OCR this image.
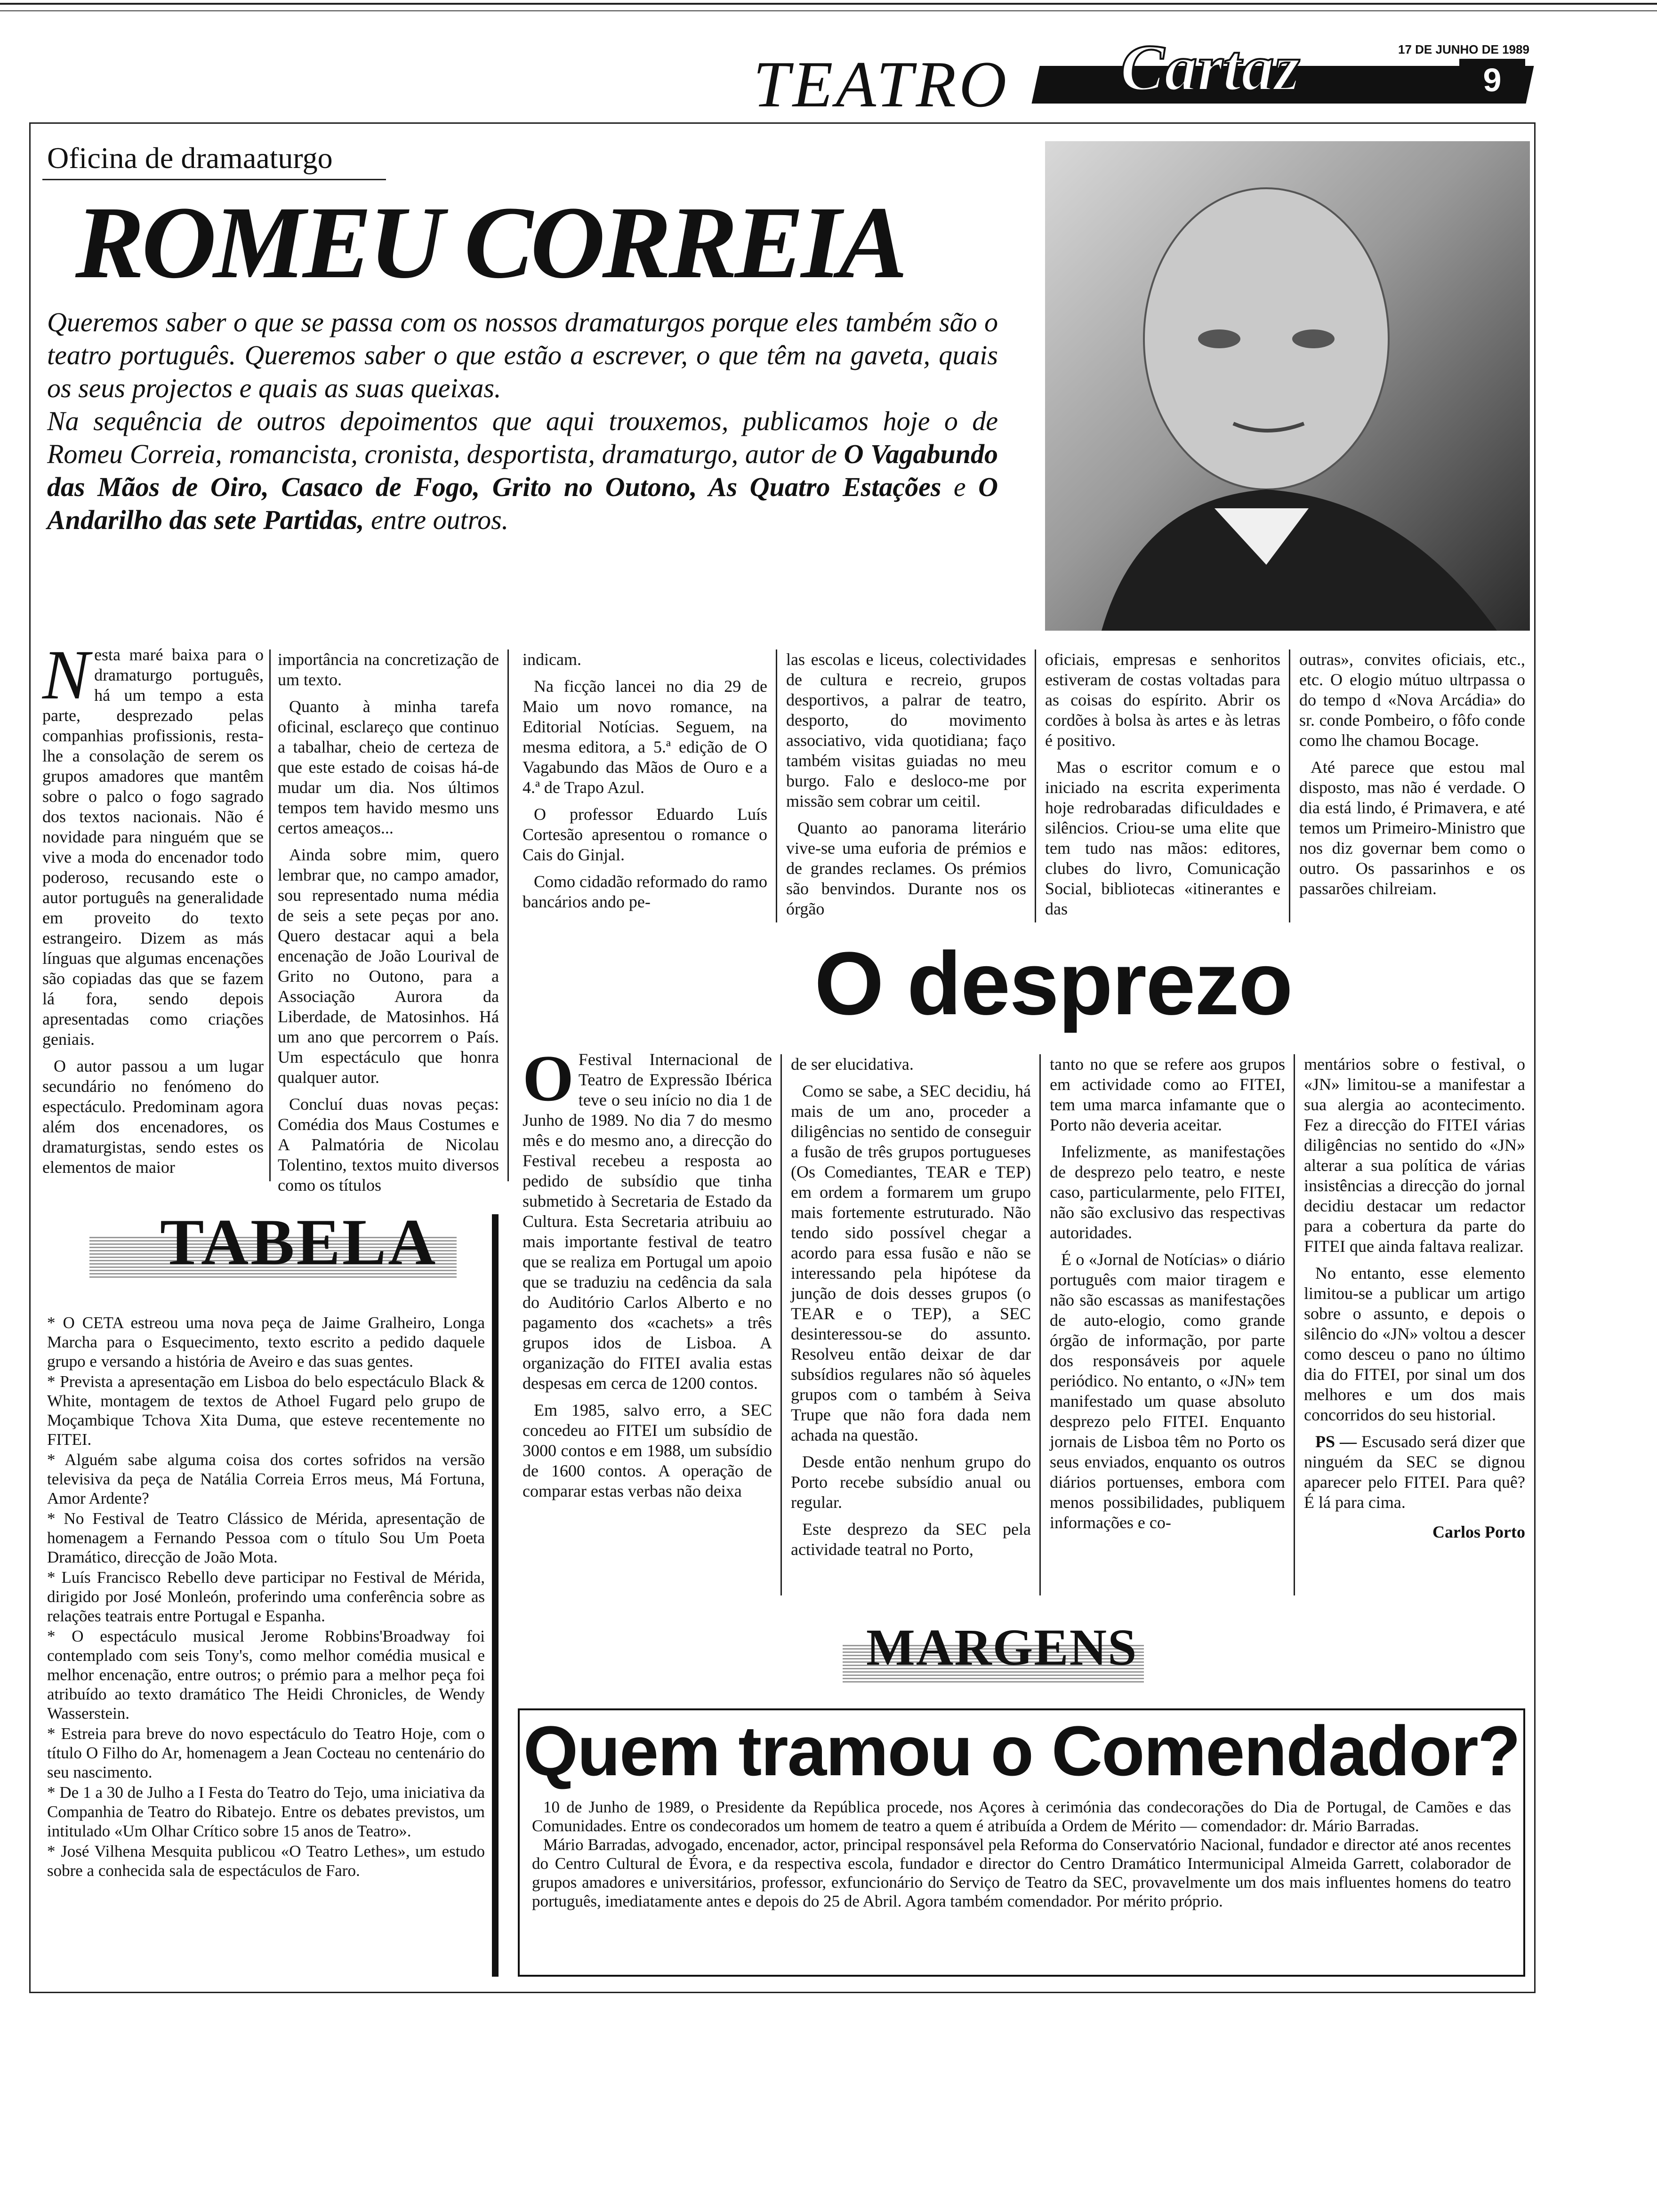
TEATRO Cartaz	17 DE JUNHO DE 1989
9
Oficina de dramaaturgo
ROMEU CORREIA
Queremos saber o que se passa com os nossos dramaturgos porque eles também são o teatro português. Queremos saber o que estão a escrever, o que têm na gaveta, quais os seus projectos e quais as suas queixas.
Na sequência de outros depoimentos que aqui trouxemos, publicamos hoje o de Romeu Correia, romancista, cronista, desportista, dramaturgo, autor de O Vagabundo das Mãos de Oiro, Casaco de Fogo, Grito no Outono, As Quatro Estações e O Andarilho das sete Partidas, entre outros.

Nesta maré baixa para o dramaturgo português, há um tempo a esta parte, desprezado pelas companhias profissionis, resta-lhe a consolação de serem os grupos amadores que mantêm sobre o palco o fogo sagrado dos textos nacionais. Não é novidade para ninguém que se vive a moda do encenador todo poderoso, recusando este o autor português na generalidade em proveito do texto estrangeiro. Dizem as más línguas que algumas encenações são copiadas das que se fazem lá fora, sendo depois apresentadas como criações geniais.

O autor passou a um lugar secundário no fenómeno do espectáculo. Predominam agora além dos encenadores, os dramaturgistas, sendo estes os elementos de maior

importância na concretização de um texto.

Quanto à minha tarefa oficinal, esclareço que continuo a tabalhar, cheio de certeza de que este estado de coisas há-de mudar um dia. Nos últimos tempos tem havido mesmo uns certos ameaços...

Ainda sobre mim, quero lembrar que, no campo amador, sou representado numa média de seis a sete peças por ano. Quero destacar aqui a bela encenação de João Lourival de Grito no Outono, para a Associação Aurora da Liberdade, de Matosinhos. Há um ano que percorrem o País. Um espectáculo que honra qualquer autor.

Concluí duas novas peças: Comédia dos Maus Costumes e A Palmatória de Nicolau Tolentino, textos muito diversos como os títulos

indicam.

Na ficção lancei no dia 29 de Maio um novo romance, na Editorial Notícias. Seguem, na mesma editora, a 5.ª edição de O Vagabundo das Mãos de Ouro e a 4.ª de Trapo Azul.

O professor Eduardo Luís Cortesão apresentou o romance o Cais do Ginjal.

Como cidadão reformado do ramo bancários ando pe-

las escolas e liceus, colectividades de cultura e recreio, grupos desportivos, a palrar de teatro, desporto, do movimento associativo, vida quotidiana; faço também visitas guiadas no meu burgo. Falo e desloco-me por missão sem cobrar um ceitil.

Quanto ao panorama literário vive-se uma euforia de prémios e de grandes reclames. Os prémios são benvindos. Durante nos os órgão

oficiais, empresas e senhoritos estiveram de costas voltadas para as coisas do espírito. Abrir os cordões à bolsa às artes e às letras é positivo.

Mas o escritor comum e o iniciado na escrita experimenta hoje redrobaradas dificuldades e silêncios. Criou-se uma elite que tem tudo nas mãos: editores, clubes do livro, Comunicação Social, bibliotecas «itinerantes e das

outras», convites oficiais, etc., etc. O elogio mútuo ultrpassa o do tempo d «Nova Arcádia» do sr. conde Pombeiro, o fôfo conde como lhe chamou Bocage.

Até parece que estou mal disposto, mas não é verdade. O dia está lindo, é Primavera, e até temos um Primeiro-Ministro que nos diz governar bem como o outro. Os passarinhos e os passarões chilreiam.

O desprezo

O Festival Internacional de Teatro de Expressão Ibérica teve o seu início no dia 1 de Junho de 1989. No dia 7 do mesmo mês e do mesmo ano, a direcção do Festival recebeu a resposta ao pedido de subsídio que tinha submetido à Secretaria de Estado da Cultura. Esta Secretaria atribuiu ao mais importante festival de teatro que se realiza em Portugal um apoio que se traduziu na cedência da sala do Auditório Carlos Alberto e no pagamento dos «cachets» a três grupos idos de Lisboa. A organização do FITEI avalia estas despesas em cerca de 1200 contos.

Em 1985, salvo erro, a SEC concedeu ao FITEI um subsídio de 3000 contos e em 1988, um subsídio de 1600 contos. A operação de comparar estas verbas não deixa

de ser elucidativa.

Como se sabe, a SEC decidiu, há mais de um ano, proceder a diligências no sentido de conseguir a fusão de três grupos portugueses (Os Comediantes, TEAR e TEP) em ordem a formarem um grupo mais fortemente estruturado. Não tendo sido possível chegar a acordo para essa fusão e não se interessando pela hipótese da junção de dois desses grupos (o TEAR e o TEP), a SEC desinteressou-se do assunto. Resolveu então deixar de dar subsídios regulares não só àqueles grupos com o também à Seiva Trupe que não fora dada nem achada na questão.

Desde então nenhum grupo do Porto recebe subsídio anual ou regular.

Este desprezo da SEC pela actividade teatral no Porto,

tanto no que se refere aos grupos em actividade como ao FITEI, tem uma marca infamante que o Porto não deveria aceitar.

Infelizmente, as manifestações de desprezo pelo teatro, e neste caso, particularmente, pelo FITEI, não são exclusivo das respectivas autoridades.

É o «Jornal de Notícias» o diário português com maior tiragem e não são escassas as manifestações de auto-elogio, como grande órgão de informação, por parte dos responsáveis por aquele periódico. No entanto, o «JN» tem manifestado um quase absoluto desprezo pelo FITEI. Enquanto jornais de Lisboa têm no Porto os seus enviados, enquanto os outros diários portuenses, embora com menos possibilidades, publiquem informações e co-

mentários sobre o festival, o «JN» limitou-se a manifestar a sua alergia ao acontecimento. Fez a direcção do FITEI várias diligências no sentido do «JN» alterar a sua política de várias insistências a direcção do jornal decidiu destacar um redactor para a cobertura da parte do FITEI que ainda faltava realizar.

No entanto, esse elemento limitou-se a publicar um artigo sobre o assunto, e depois o silêncio do «JN» voltou a descer como desceu o pano no último dia do FITEI, por sinal um dos melhores e um dos mais concorridos do seu historial.

PS — Escusado será dizer que ninguém da SEC se dignou aparecer pelo FITEI. Para quê? É lá para cima.

Carlos Porto

TABELA

* O CETA estreou uma nova peça de Jaime Gralheiro, Longa Marcha para o Esquecimento, texto escrito a pedido daquele grupo e versando a história de Aveiro e das suas gentes.

* Prevista a apresentação em Lisboa do belo espectáculo Black & White, montagem de textos de Athoel Fugard pelo grupo de Moçambique Tchova Xita Duma, que esteve recentemente no FITEI.

* Alguém sabe alguma coisa dos cortes sofridos na versão televisiva da peça de Natália Correia Erros meus, Má Fortuna, Amor Ardente?

* No Festival de Teatro Clássico de Mérida, apresentação de homenagem a Fernando Pessoa com o título Sou Um Poeta Dramático, direcção de João Mota.

* Luís Francisco Rebello deve participar no Festival de Mérida, dirigido por José Monleón, proferindo uma conferência sobre as relações teatrais entre Portugal e Espanha.

* O espectáculo musical Jerome Robbins'Broadway foi contemplado com seis Tony's, como melhor comédia musical e melhor encenação, entre outros; o prémio para a melhor peça foi atribuído ao texto dramático The Heidi Chronicles, de Wendy Wasserstein.

* Estreia para breve do novo espectáculo do Teatro Hoje, com o título O Filho do Ar, homenagem a Jean Cocteau no centenário do seu nascimento.

* De 1 a 30 de Julho a I Festa do Teatro do Tejo, uma iniciativa da Companhia de Teatro do Ribatejo. Entre os debates previstos, um intitulado «Um Olhar Crítico sobre 15 anos de Teatro».

* José Vilhena Mesquita publicou «O Teatro Lethes», um estudo sobre a conhecida sala de espectáculos de Faro.

MARGENS
Quem tramou o Comendador?

10 de Junho de 1989, o Presidente da República procede, nos Açores à cerimónia das condecorações do Dia de Portugal, de Camões e das Comunidades. Entre os condecorados um homem de teatro a quem é atribuída a Ordem de Mérito — comendador: dr. Mário Barradas.

Mário Barradas, advogado, encenador, actor, principal responsável pela Reforma do Conservatório Nacional, fundador e director até anos recentes do Centro Cultural de Évora, e da respectiva escola, fundador e director do Centro Dramático Intermunicipal Almeida Garrett, colaborador de grupos amadores e universitários, professor, exfuncionário do Serviço de Teatro da SEC, provavelmente um dos mais influentes homens do teatro português, imediatamente antes e depois do 25 de Abril. Agora também comendador. Por mérito próprio.
